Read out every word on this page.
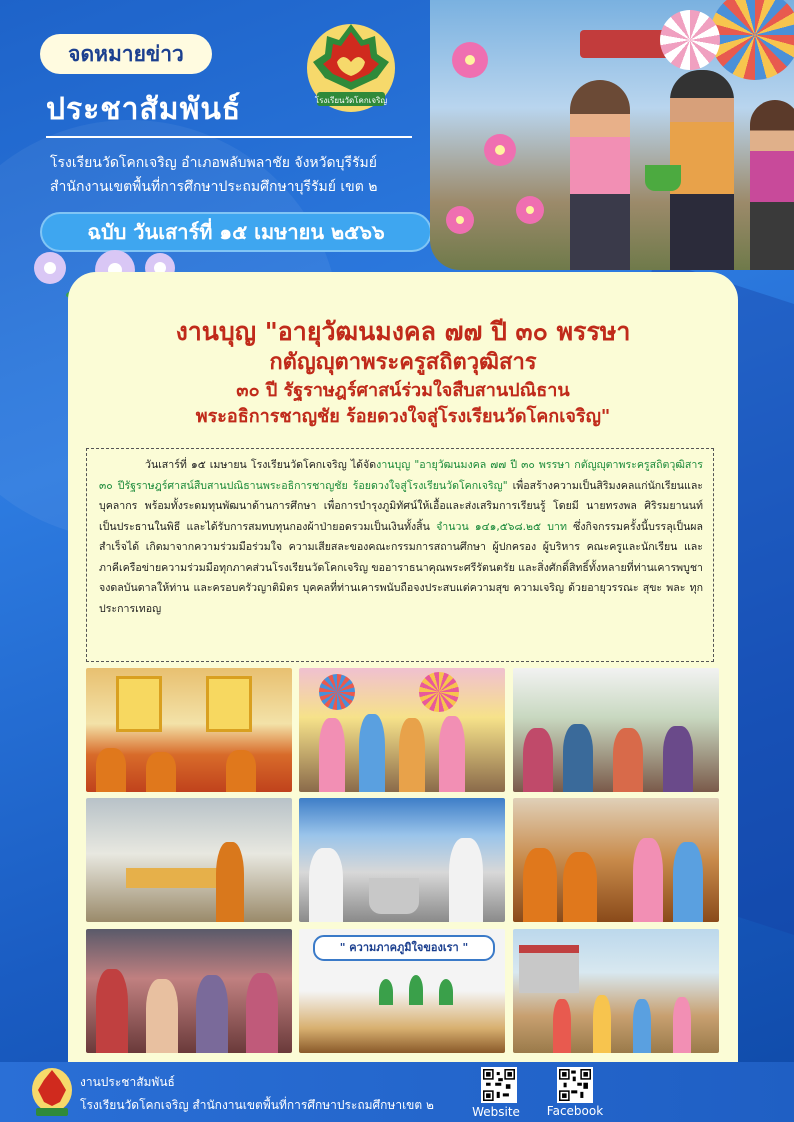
จดหมายข่าว
ประชาสัมพันธ์
โรงเรียนวัดโคกเจริญ อำเภอพลับพลาชัย จังหวัดบุรีรัมย์
สำนักงานเขตพื้นที่การศึกษาประถมศึกษาบุรีรัมย์ เขต ๒
ฉบับ วันเสาร์ที่ ๑๕ เมษายน ๒๕๖๖
โรงเรียนวัดโคกเจริญ
งานบุญ "อายุวัฒนมงคล ๗๗ ปี ๓๐ พรรษา
กตัญญุตาพระครูสถิตวุฒิสาร
๓๐ ปี รัฐราษฎร์ศาสน์ร่วมใจสืบสานปณิธาน
พระอธิการชาญชัย ร้อยดวงใจสู่โรงเรียนวัดโคกเจริญ"
วันเสาร์ที่ ๑๕ เมษายน โรงเรียนวัดโคกเจริญ ได้จัดงานบุญ "อายุวัฒนมงคล ๗๗ ปี ๓๐ พรรษา กตัญญุตาพระครูสถิตวุฒิสาร ๓๐ ปีรัฐราษฎร์ศาสน์สืบสานปณิธานพระอธิการชาญชัย ร้อยดวงใจสู่โรงเรียนวัดโคกเจริญ" เพื่อสร้างความเป็นสิริมงคลแก่นักเรียนและบุคลากร พร้อมทั้งระดมทุนพัฒนาด้านการศึกษา เพื่อการบำรุงภูมิทัศน์ให้เอื้อและส่งเสริมการเรียนรู้ โดยมี นายทรงพล ศิริรมยานนท์ เป็นประธานในพิธี และได้รับการสมทบทุนกองผ้าป่ายอดรวมเป็นเงินทั้งสิ้น จำนวน ๑๔๑,๕๖๘.๒๕ บาท ซึ่งกิจกรรมครั้งนี้บรรลุเป็นผลสำเร็จได้ เกิดมาจากความร่วมมือร่วมใจ ความเสียสละของคณะกรรมการสถานศึกษา ผู้ปกครอง ผู้บริหาร คณะครูและนักเรียน และภาคีเครือข่ายความร่วมมือทุกภาคส่วนโรงเรียนวัดโคกเจริญ ขออาราธนาคุณพระศรีรัตนตรัย และสิ่งศักดิ์สิทธิ์ทั้งหลายที่ท่านเคารพบูชา จงดลบันดาลให้ท่าน และครอบครัวญาติมิตร บุคคลที่ท่านเคารพนับถือจงประสบแต่ความสุข ความเจริญ ด้วยอายุวรรณะ สุขะ พละ ทุกประการเทอญ
" ความภาคภูมิใจของเรา "
งานประชาสัมพันธ์
โรงเรียนวัดโคกเจริญ สำนักงานเขตพื้นที่การศึกษาประถมศึกษาเขต ๒	Website	Facebook
